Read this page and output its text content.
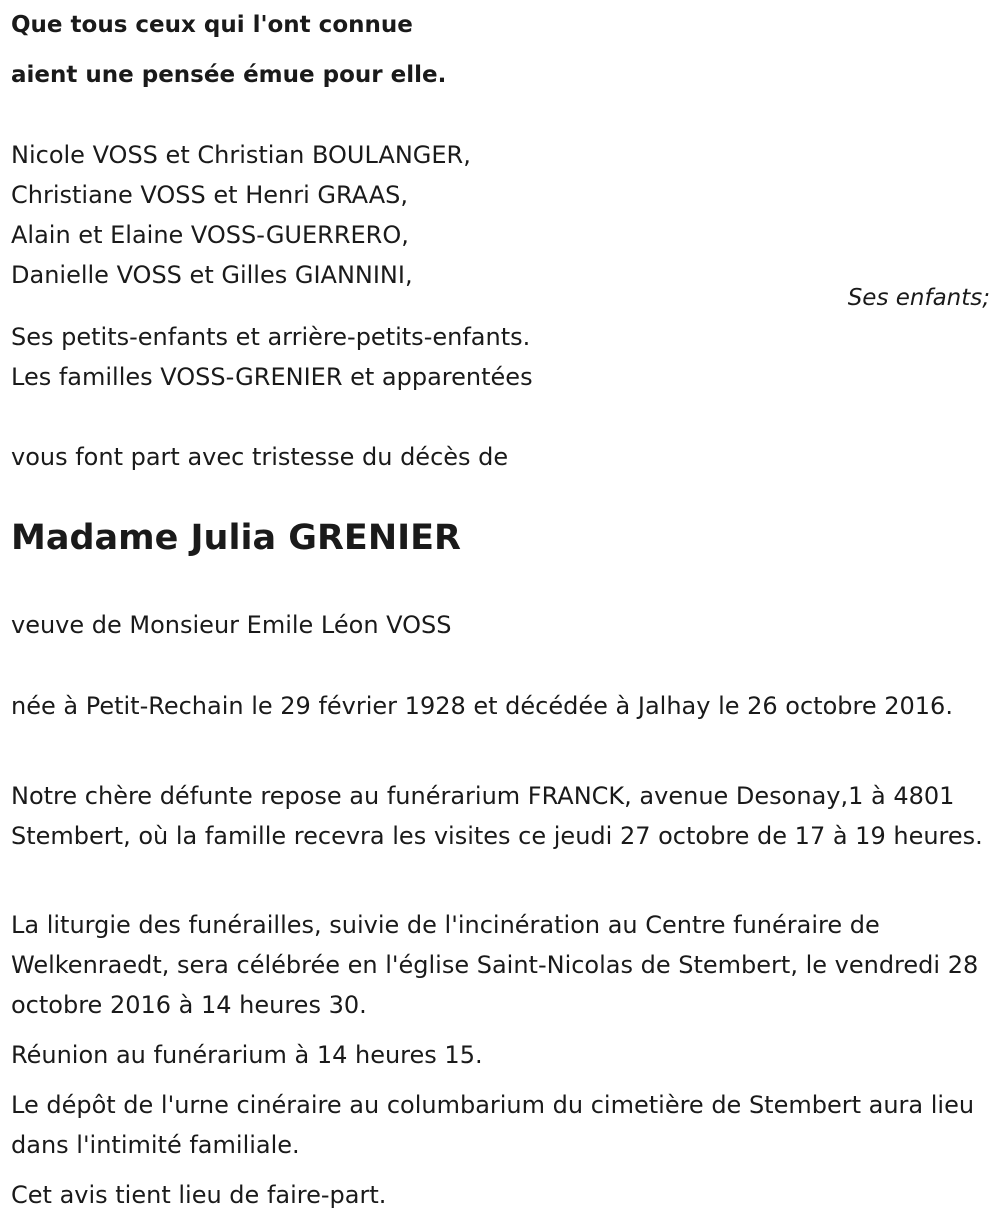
Que tous ceux qui l'ont connue
aient une pensée émue pour elle.
Nicole VOSS et Christian BOULANGER,
Christiane VOSS et Henri GRAAS,
Alain et Elaine VOSS-GUERRERO,
Danielle VOSS et Gilles GIANNINI,
Ses enfants;
Ses petits-enfants et arrière-petits-enfants.
Les familles VOSS-GRENIER et apparentées
vous font part avec tristesse du décès de
Madame Julia GRENIER
veuve de Monsieur Emile Léon VOSS
née à Petit-Rechain le 29 février 1928 et décédée à Jalhay le 26 octobre 2016.
Notre chère défunte repose au funérarium FRANCK, avenue Desonay,1 à 4801 Stembert, où la famille recevra les visites ce jeudi 27 octobre de 17 à 19 heures.
La liturgie des funérailles, suivie de l'incinération au Centre funéraire de Welkenraedt, sera célébrée en l'église Saint-Nicolas de Stembert, le vendredi 28 octobre 2016 à 14 heures 30.
Réunion au funérarium à 14 heures 15.
Le dépôt de l'urne cinéraire au columbarium du cimetière de Stembert aura lieu dans l'intimité familiale.
Cet avis tient lieu de faire-part.
